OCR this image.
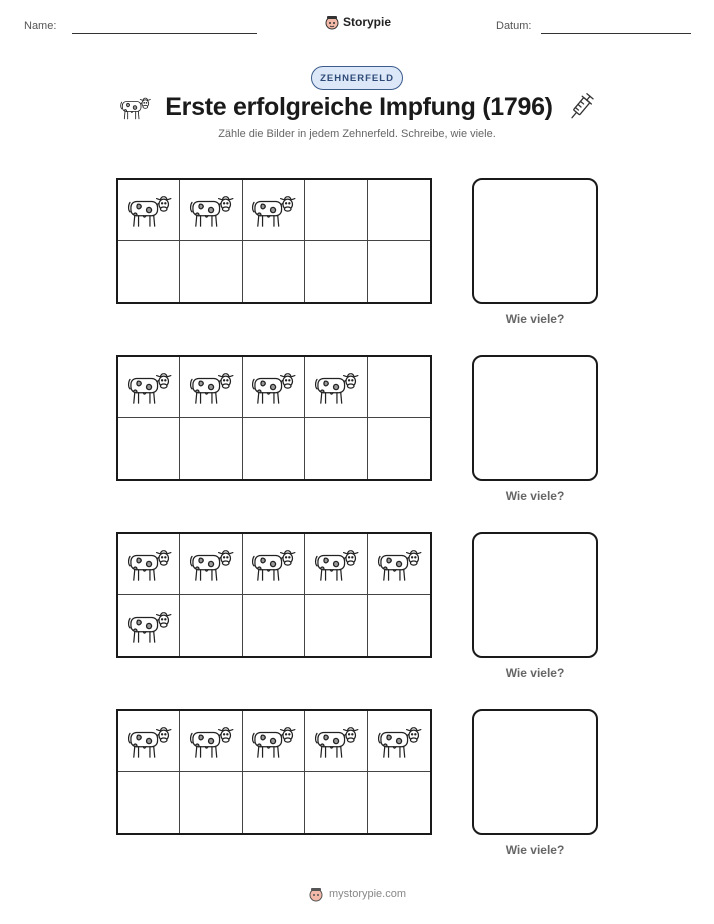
Name:	Storypie	Datum:
ZEHNERFELD
Erste erfolgreiche Impfung (1796)

Zähle die Bilder in jedem Zehnerfeld. Schreibe, wie viele.

Wie viele?
Wie viele?
Wie viele?
Wie viele?
mystorypie.com
